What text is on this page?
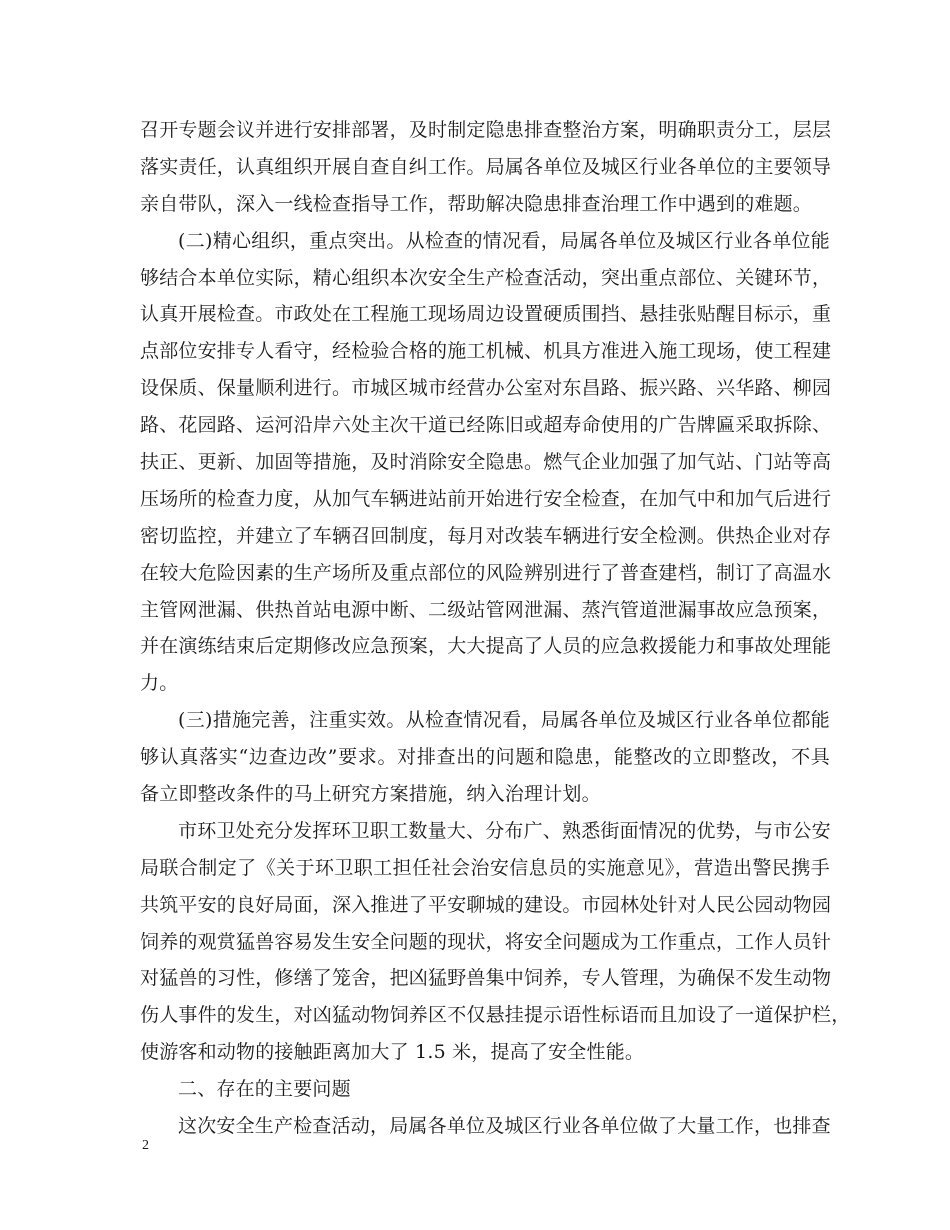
召开专题会议并进行安排部署，及时制定隐患排查整治方案，明确职责分工，层层
落实责任，认真组织开展自查自纠工作。局属各单位及城区行业各单位的主要领导
亲自带队，深入一线检查指导工作，帮助解决隐患排查治理工作中遇到的难题。
(二)精心组织，重点突出。从检查的情况看，局属各单位及城区行业各单位能
够结合本单位实际，精心组织本次安全生产检查活动，突出重点部位、关键环节，
认真开展检查。市政处在工程施工现场周边设置硬质围挡、悬挂张贴醒目标示，重
点部位安排专人看守，经检验合格的施工机械、机具方准进入施工现场，使工程建
设保质、保量顺利进行。市城区城市经营办公室对东昌路、振兴路、兴华路、柳园
路、花园路、运河沿岸六处主次干道已经陈旧或超寿命使用的广告牌匾采取拆除、
扶正、更新、加固等措施，及时消除安全隐患。燃气企业加强了加气站、门站等高
压场所的检查力度，从加气车辆进站前开始进行安全检查，在加气中和加气后进行
密切监控，并建立了车辆召回制度，每月对改装车辆进行安全检测。供热企业对存
在较大危险因素的生产场所及重点部位的风险辨别进行了普查建档，制订了高温水
主管网泄漏、供热首站电源中断、二级站管网泄漏、蒸汽管道泄漏事故应急预案，
并在演练结束后定期修改应急预案，大大提高了人员的应急救援能力和事故处理能
力。
(三)措施完善，注重实效。从检查情况看，局属各单位及城区行业各单位都能
够认真落实“边查边改”要求。对排查出的问题和隐患，能整改的立即整改，不具
备立即整改条件的马上研究方案措施，纳入治理计划。
市环卫处充分发挥环卫职工数量大、分布广、熟悉街面情况的优势，与市公安
局联合制定了《关于环卫职工担任社会治安信息员的实施意见》，营造出警民携手
共筑平安的良好局面，深入推进了平安聊城的建设。市园林处针对人民公园动物园
饲养的观赏猛兽容易发生安全问题的现状，将安全问题成为工作重点，工作人员针
对猛兽的习性，修缮了笼舍，把凶猛野兽集中饲养，专人管理，为确保不发生动物
伤人事件的发生，对凶猛动物饲养区不仅悬挂提示语性标语而且加设了一道保护栏，
使游客和动物的接触距离加大了 1.5 米，提高了安全性能。
二、存在的主要问题
这次安全生产检查活动，局属各单位及城区行业各单位做了大量工作，也排查
2
